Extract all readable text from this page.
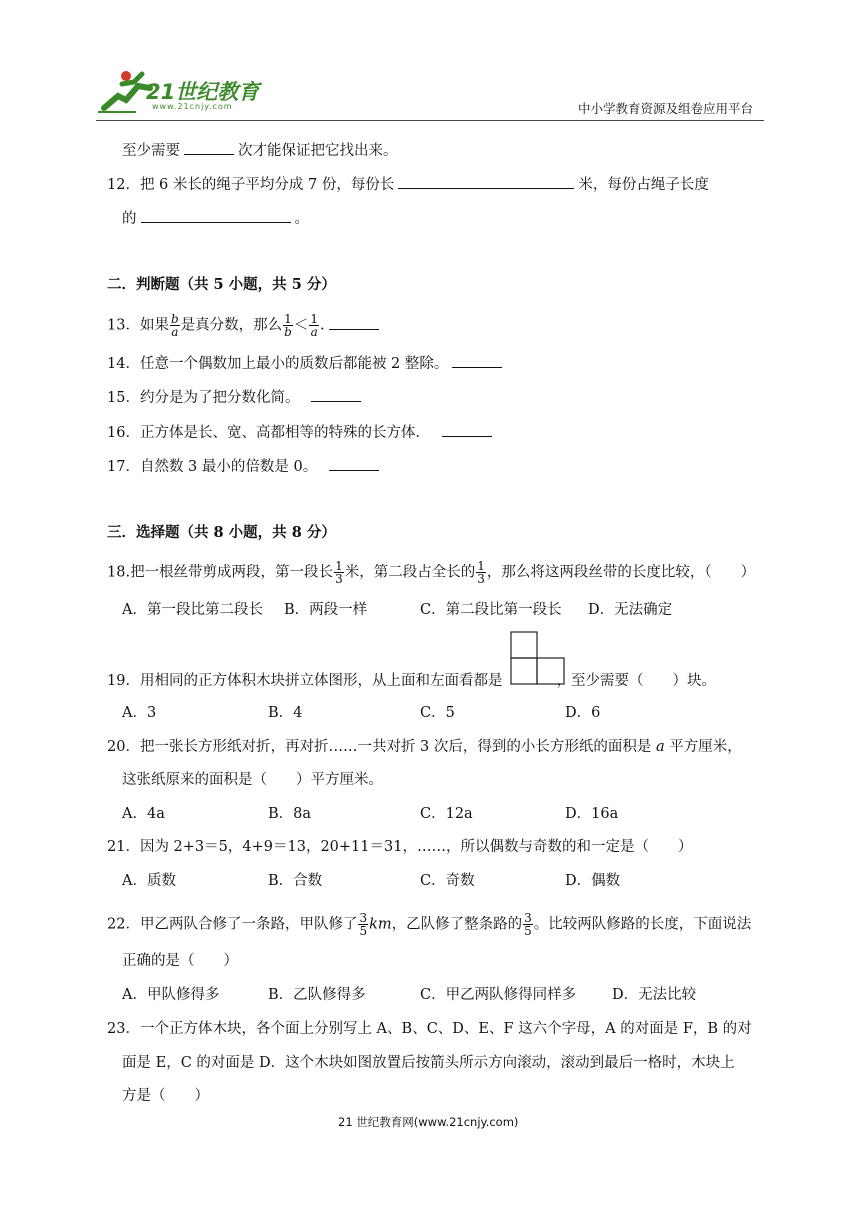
21世纪教育
www.21cnjy.com	中小学教育资源及组卷应用平台
至少需要	次才能保证把它找出来。
12．把 6 米长的绳子平均分成 7 份，每份长	米，每份占绳子长度
的	。
二．判断题（共 5 小题，共 5 分）
13．如果 $\frac{b}{a}$ 是真分数，那么 $\frac{1}{b} < \frac{1}{a}$ .
14．任意一个偶数加上最小的质数后都能被 2 整除。
15．约分是为了把分数化简。
16．正方体是长、宽、高都相等的特殊的长方体．
17．自然数 3 最小的倍数是 0。
三．选择题（共 8 小题，共 8 分）
18.把一根丝带剪成两段，第一段长 $\frac{1}{3}$ 米，第二段占全长的 $\frac{1}{3}$ ，那么将这两段丝带的长度比较，（　　）
A．第一段比第二段长 B．两段一样	C．第二段比第一段长 D．无法确定
19．用相同的正方体积木块拼立体图形，从上面和左面看都是	，至少需要（　　）块。
A．3	B．4	C．5	D．6
20．把一张长方形纸对折，再对折……一共对折 3 次后，得到的小长方形纸的面积是 a 平方厘米，
这张纸原来的面积是（　　）平方厘米。
A．4a	B．8a	C．12a	D．16a
21．因为 2+3＝5，4+9＝13，20+11＝31，……，所以偶数与奇数的和一定是（　　）
A．质数	B．合数	C．奇数	D．偶数
22．甲乙两队合修了一条路，甲队修了 $\frac{3}{5}$ km，乙队修了整条路的 $\frac{3}{5}$ 。比较两队修路的长度，下面说法
正确的是（　　）
A．甲队修得多	B．乙队修得多	C．甲乙两队修得同样多 D．无法比较
23．一个正方体木块，各个面上分别写上 A、B、C、D、E、F 这六个字母，A 的对面是 F，B 的对
面是 E，C 的对面是 D．这个木块如图放置后按箭头所示方向滚动，滚动到最后一格时，木块上
方是（　　）
21 世纪教育网(www.21cnjy.com)
